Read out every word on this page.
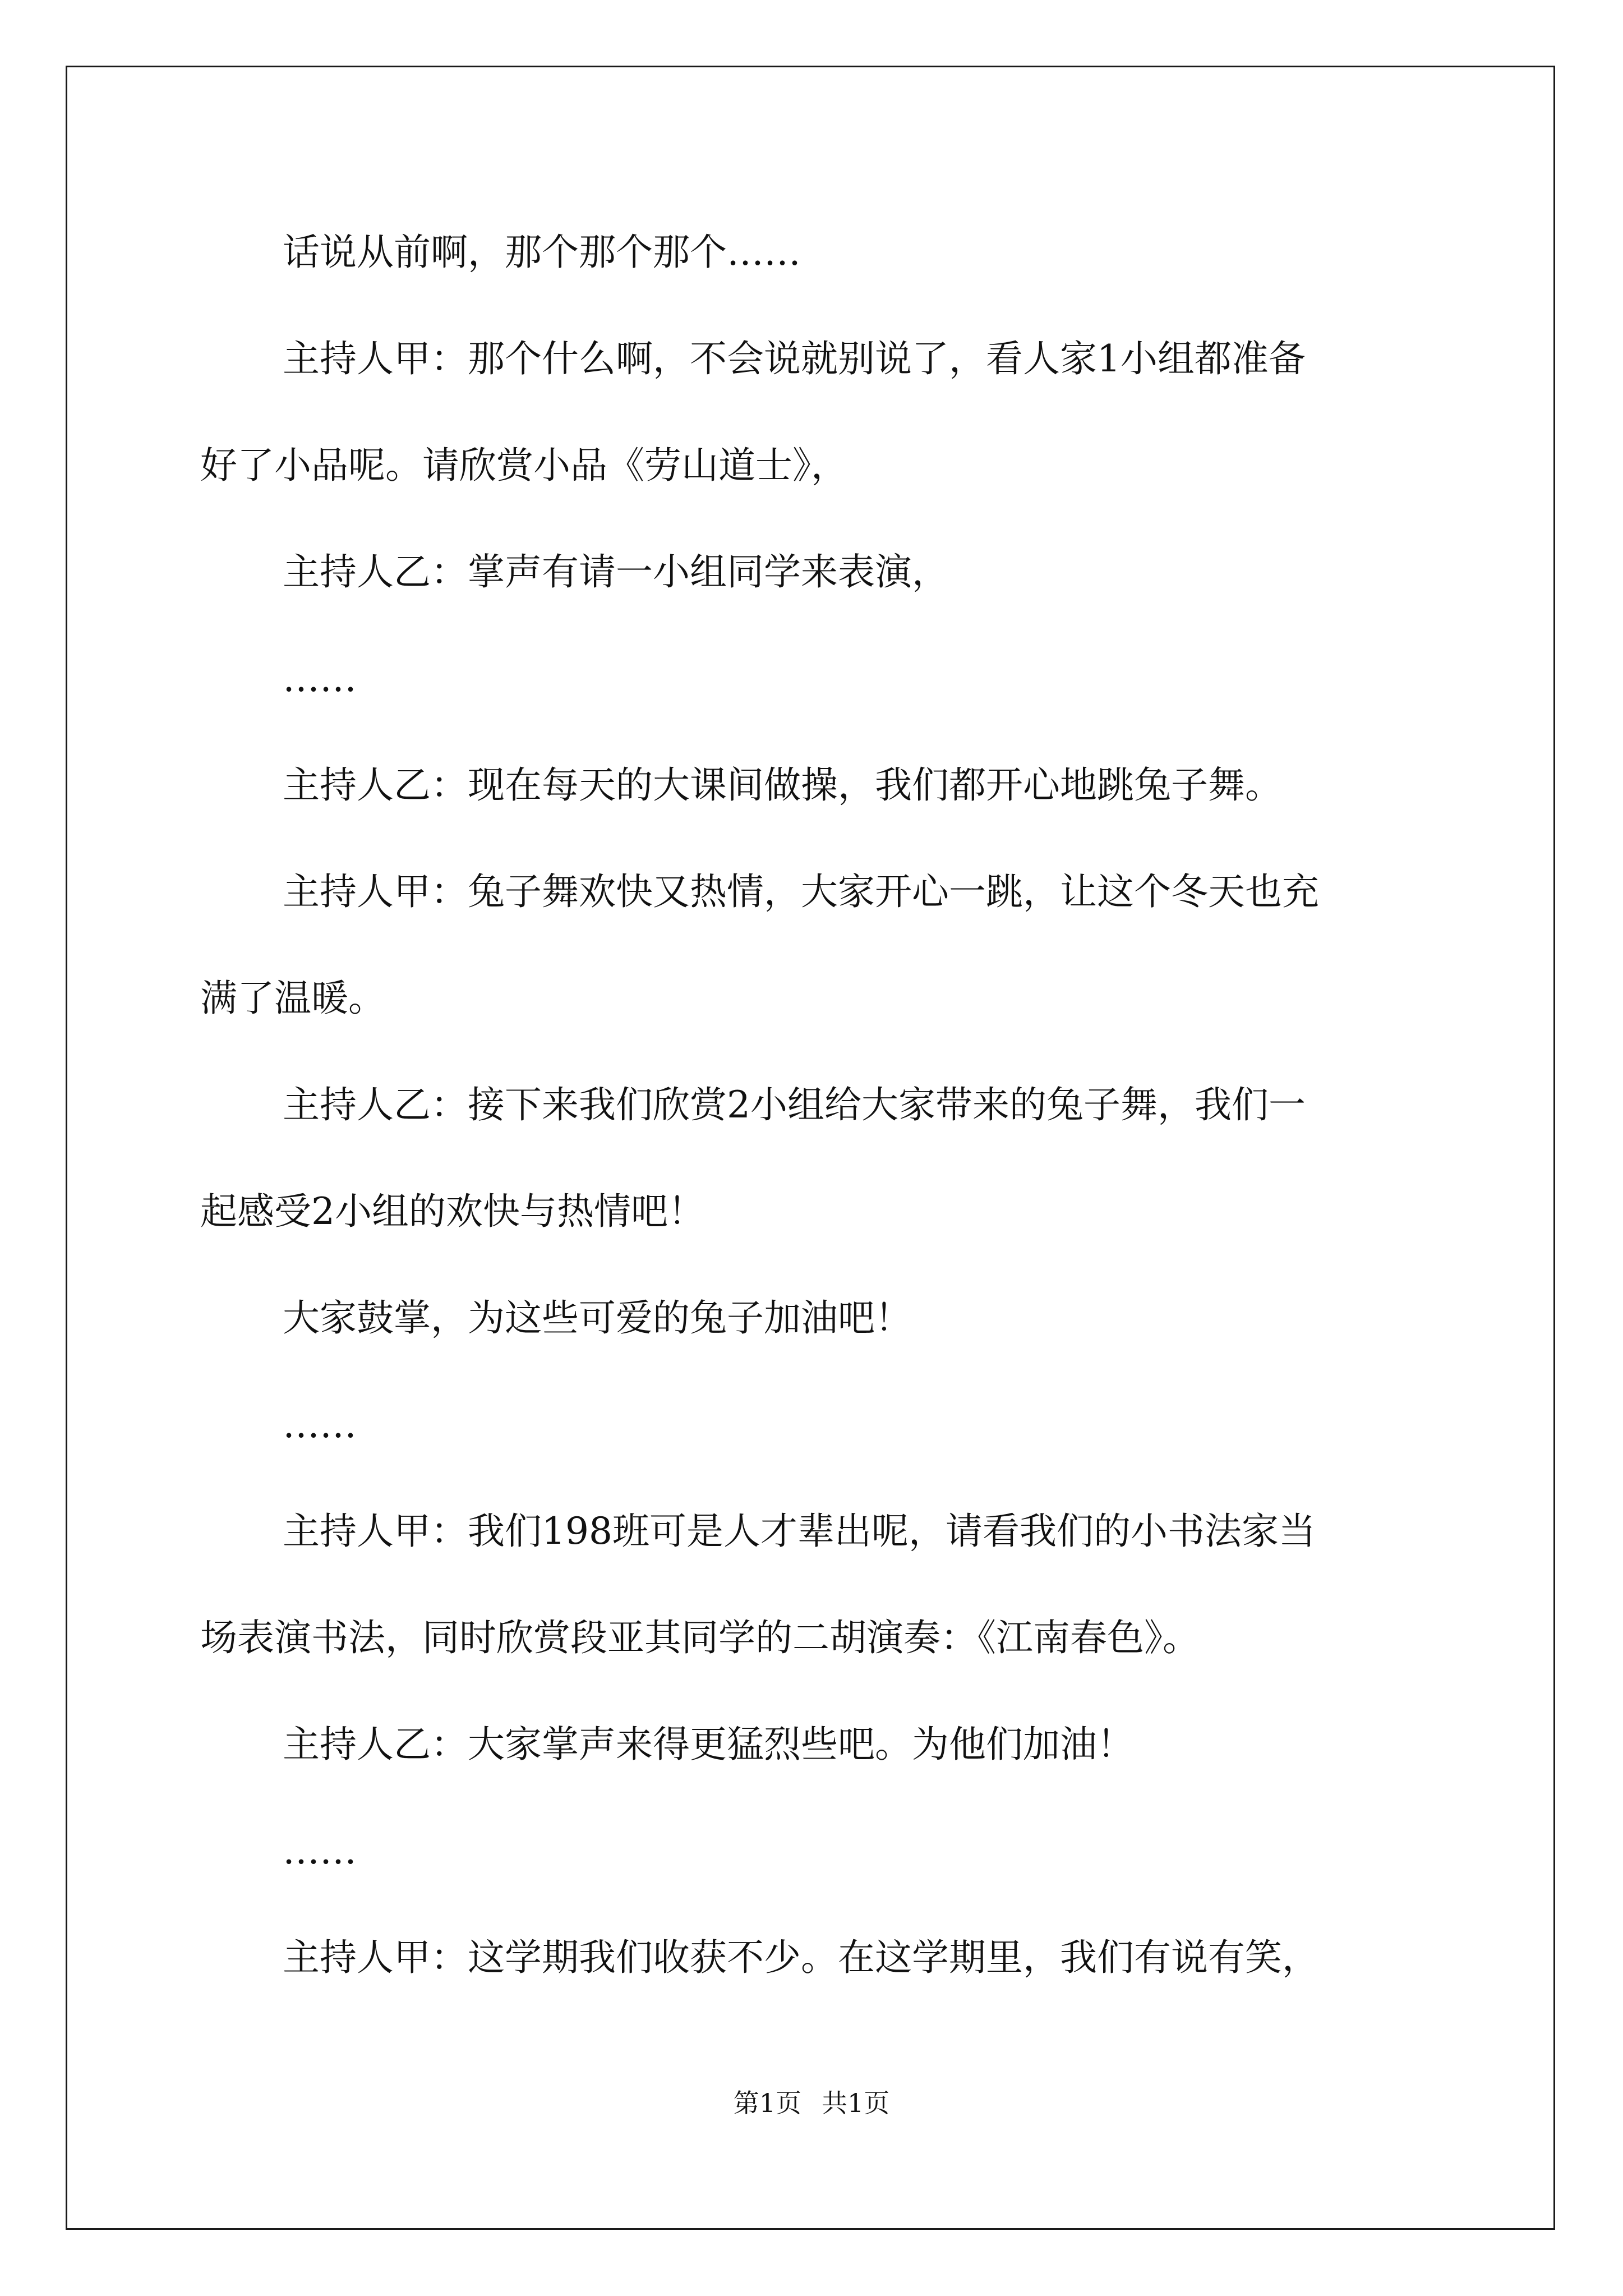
话说从前啊，那个那个那个……

主持人甲：那个什么啊，不会说就别说了，看人家1小组都准备

好了小品呢。请欣赏小品《劳山道士》，

主持人乙：掌声有请一小组同学来表演，

……

主持人乙：现在每天的大课间做操，我们都开心地跳兔子舞。

主持人甲：兔子舞欢快又热情，大家开心一跳，让这个冬天也充

满了温暖。

主持人乙：接下来我们欣赏2小组给大家带来的兔子舞，我们一

起感受2小组的欢快与热情吧！

大家鼓掌，为这些可爱的兔子加油吧！

……

主持人甲：我们198班可是人才辈出呢，请看我们的小书法家当

场表演书法，同时欣赏段亚其同学的二胡演奏：《江南春色》。

主持人乙：大家掌声来得更猛烈些吧。为他们加油！

……

主持人甲：这学期我们收获不少。在这学期里，我们有说有笑，

第1页 共1页
